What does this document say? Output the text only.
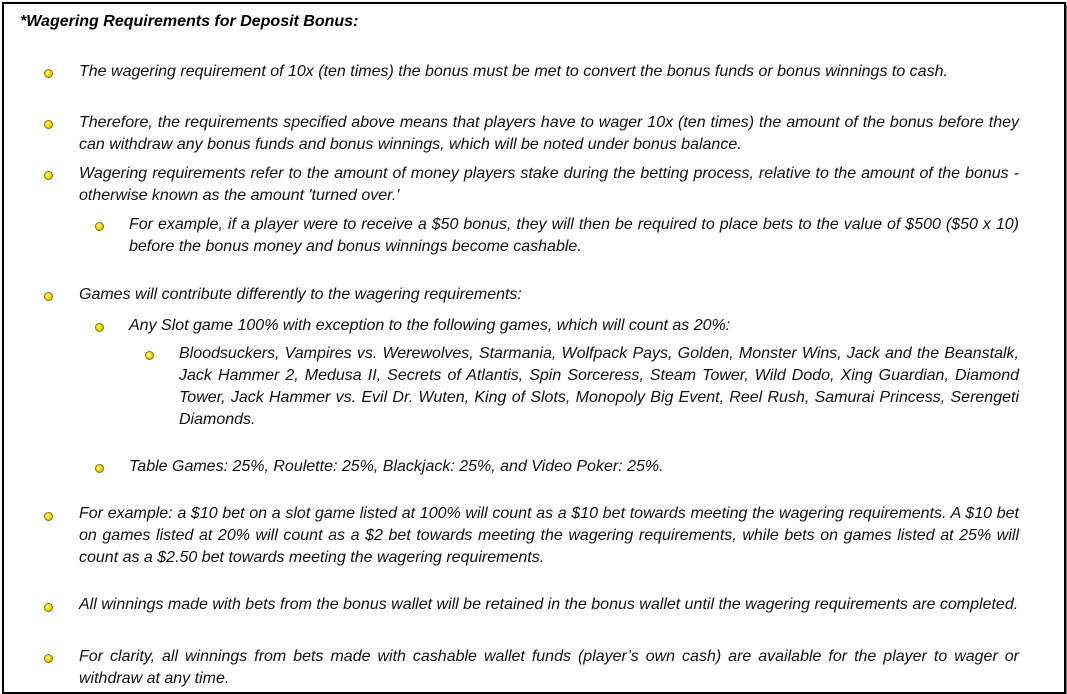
*Wagering Requirements for Deposit Bonus:
The wagering requirement of 10x (ten times) the bonus must be met to convert the bonus funds or bonus winnings to cash.
Therefore, the requirements specified above means that players have to wager 10x (ten times) the amount of the bonus before they can withdraw any bonus funds and bonus winnings, which will be noted under bonus balance.
Wagering requirements refer to the amount of money players stake during the betting process, relative to the amount of the bonus - otherwise known as the amount 'turned over.'
For example, if a player were to receive a $50 bonus, they will then be required to place bets to the value of $500 ($50 x 10) before the bonus money and bonus winnings become cashable.
Games will contribute differently to the wagering requirements:
Any Slot game 100% with exception to the following games, which will count as 20%:
Bloodsuckers, Vampires vs. Werewolves, Starmania, Wolfpack Pays, Golden, Monster Wins, Jack and the Beanstalk, Jack Hammer 2, Medusa II, Secrets of Atlantis, Spin Sorceress, Steam Tower, Wild Dodo, Xing Guardian, Diamond Tower, Jack Hammer vs. Evil Dr. Wuten, King of Slots, Monopoly Big Event, Reel Rush, Samurai Princess, Serengeti Diamonds.
Table Games: 25%, Roulette: 25%, Blackjack: 25%, and Video Poker: 25%.
For example: a $10 bet on a slot game listed at 100% will count as a $10 bet towards meeting the wagering requirements. A $10 bet on games listed at 20% will count as a $2 bet towards meeting the wagering requirements, while bets on games listed at 25% will count as a $2.50 bet towards meeting the wagering requirements.
All winnings made with bets from the bonus wallet will be retained in the bonus wallet until the wagering requirements are completed.
For clarity, all winnings from bets made with cashable wallet funds (player’s own cash) are available for the player to wager or withdraw at any time.
